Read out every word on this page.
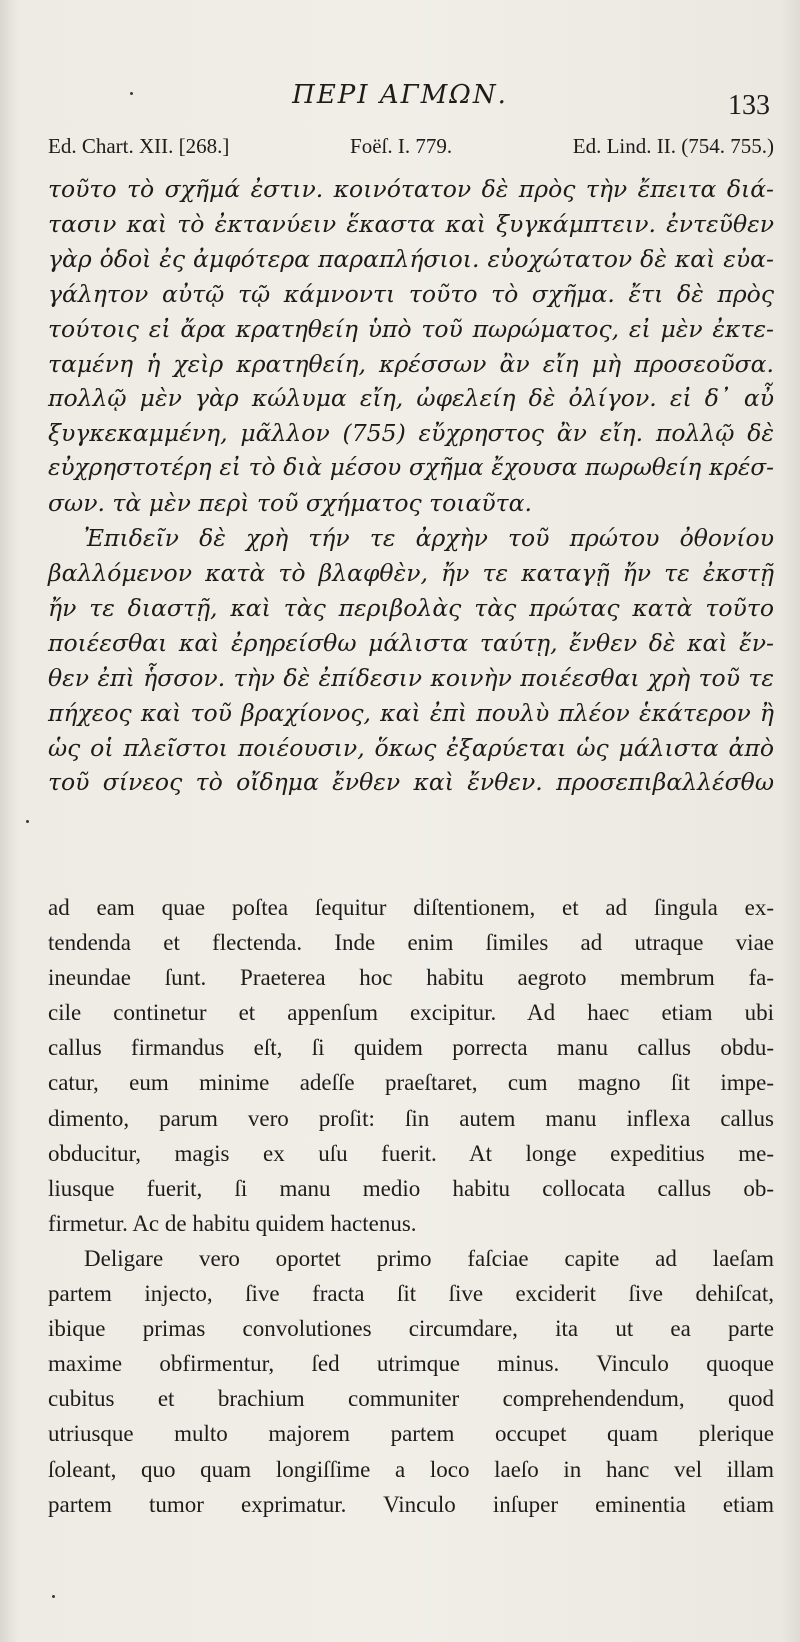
ΠΕΡΙ ΑΓΜΩΝ.	133
Ed. Chart. XII. [268.]	Foëſ. I. 779.	Ed. Lind. II. (754. 755.)
τοῦτο τὸ σχῆμά ἐστιν. κοινότατον δὲ πρὸς τὴν ἔπειτα διά-
τασιν καὶ τὸ ἐκτανύειν ἕκαστα καὶ ξυγκάμπτειν. ἐντεῦθεν
γὰρ ὁδοὶ ἐς ἀμφότερα παραπλήσιοι. εὐοχώτατον δὲ καὶ εὐα-
γάλητον αὐτῷ τῷ κάμνοντι τοῦτο τὸ σχῆμα. ἔτι δὲ πρὸς
τούτοις εἰ ἄρα κρατηθείη ὑπὸ τοῦ πωρώματος, εἰ μὲν ἐκτε-
ταμένη ἡ χεὶρ κρατηθείη, κρέσσων ἂν εἴη μὴ προσεοῦσα.
πολλῷ μὲν γὰρ κώλυμα εἴη, ὠφελείη δὲ ὀλίγον. εἰ δ᾽ αὖ
ξυγκεκαμμένη, μᾶλλον (755) εὔχρηστος ἂν εἴη. πολλῷ δὲ
εὐχρηστοτέρη εἰ τὸ διὰ μέσου σχῆμα ἔχουσα πωρωθείη κρέσ-
σων. τὰ μὲν περὶ τοῦ σχήματος τοιαῦτα.
Ἐπιδεῖν δὲ χρὴ τήν τε ἀρχὴν τοῦ πρώτου ὀθονίου
βαλλόμενον κατὰ τὸ βλαφθὲν, ἤν τε καταγῇ ἤν τε ἐκστῇ
ἤν τε διαστῇ, καὶ τὰς περιβολὰς τὰς πρώτας κατὰ τοῦτο
ποιέεσθαι καὶ ἐρηρείσθω μάλιστα ταύτῃ, ἔνθεν δὲ καὶ ἔν-
θεν ἐπὶ ἧσσον. τὴν δὲ ἐπίδεσιν κοινὴν ποιέεσθαι χρὴ τοῦ τε
πήχεος καὶ τοῦ βραχίονος, καὶ ἐπὶ πουλὺ πλέον ἑκάτερον ἢ
ὡς οἱ πλεῖστοι ποιέουσιν, ὅκως ἐξαρύεται ὡς μάλιστα ἀπὸ
τοῦ σίνεος τὸ οἴδημα ἔνθεν καὶ ἔνθεν. προσεπιβαλλέσθω
ad eam quae poſtea ſequitur diſtentionem, et ad ſingula ex-
tendenda et flectenda. Inde enim ſimiles ad utraque viae
ineundae ſunt. Praeterea hoc habitu aegroto membrum fa-
cile continetur et appenſum excipitur. Ad haec etiam ubi
callus firmandus eſt, ſi quidem porrecta manu callus obdu-
catur, eum minime adeſſe praeſtaret, cum magno ſit impe-
dimento, parum vero proſit: ſin autem manu inflexa callus
obducitur, magis ex uſu fuerit. At longe expeditius me-
liusque fuerit, ſi manu medio habitu collocata callus ob-
firmetur. Ac de habitu quidem hactenus.
Deligare vero oportet primo faſciae capite ad laeſam
partem injecto, ſive fracta ſit ſive exciderit ſive dehiſcat,
ibique primas convolutiones circumdare, ita ut ea parte
maxime obfirmentur, ſed utrimque minus. Vinculo quoque
cubitus et brachium communiter comprehendendum, quod
utriusque multo majorem partem occupet quam plerique
ſoleant, quo quam longiſſime a loco laeſo in hanc vel illam
partem tumor exprimatur. Vinculo inſuper eminentia etiam
